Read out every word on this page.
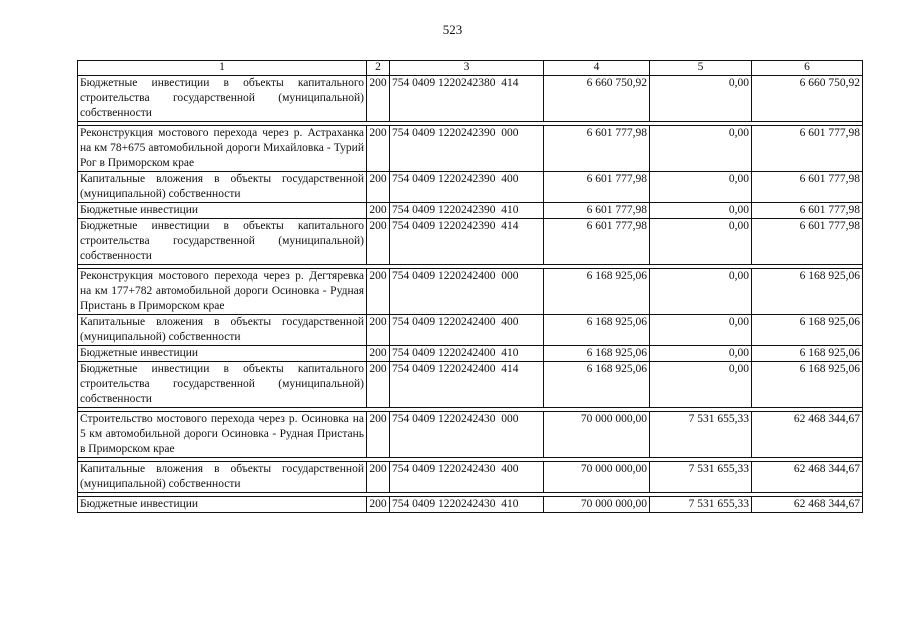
523
1	2	3	4	5	6
Бюджетные инвестиции в объекты капитального строительства государственной (муниципальной) собственности	200	754 0409 1220242380  414	6 660 750,92	0,00	6 660 750,92

Реконструкция мостового перехода через р. Астраханка на км 78+675 автомобильной дороги Михайловка - Турий Рог в Приморском крае	200	754 0409 1220242390  000	6 601 777,98	0,00	6 601 777,98
Капитальные вложения в объекты государственной (муниципальной) собственности	200	754 0409 1220242390  400	6 601 777,98	0,00	6 601 777,98
Бюджетные инвестиции	200	754 0409 1220242390  410	6 601 777,98	0,00	6 601 777,98
Бюджетные инвестиции в объекты капитального строительства государственной (муниципальной) собственности	200	754 0409 1220242390  414	6 601 777,98	0,00	6 601 777,98

Реконструкция мостового перехода через р. Дегтяревка на км 177+782 автомобильной дороги Осиновка - Рудная Пристань в Приморском крае	200	754 0409 1220242400  000	6 168 925,06	0,00	6 168 925,06
Капитальные вложения в объекты государственной (муниципальной) собственности	200	754 0409 1220242400  400	6 168 925,06	0,00	6 168 925,06
Бюджетные инвестиции	200	754 0409 1220242400  410	6 168 925,06	0,00	6 168 925,06
Бюджетные инвестиции в объекты капитального строительства государственной (муниципальной) собственности	200	754 0409 1220242400  414	6 168 925,06	0,00	6 168 925,06

Строительство мостового перехода через р. Осиновка на 5 км автомобильной дороги Осиновка - Рудная Пристань в Приморском крае	200	754 0409 1220242430  000	70 000 000,00	7 531 655,33	62 468 344,67

Капитальные вложения в объекты государственной (муниципальной) собственности	200	754 0409 1220242430  400	70 000 000,00	7 531 655,33	62 468 344,67

Бюджетные инвестиции	200	754 0409 1220242430  410	70 000 000,00	7 531 655,33	62 468 344,67
